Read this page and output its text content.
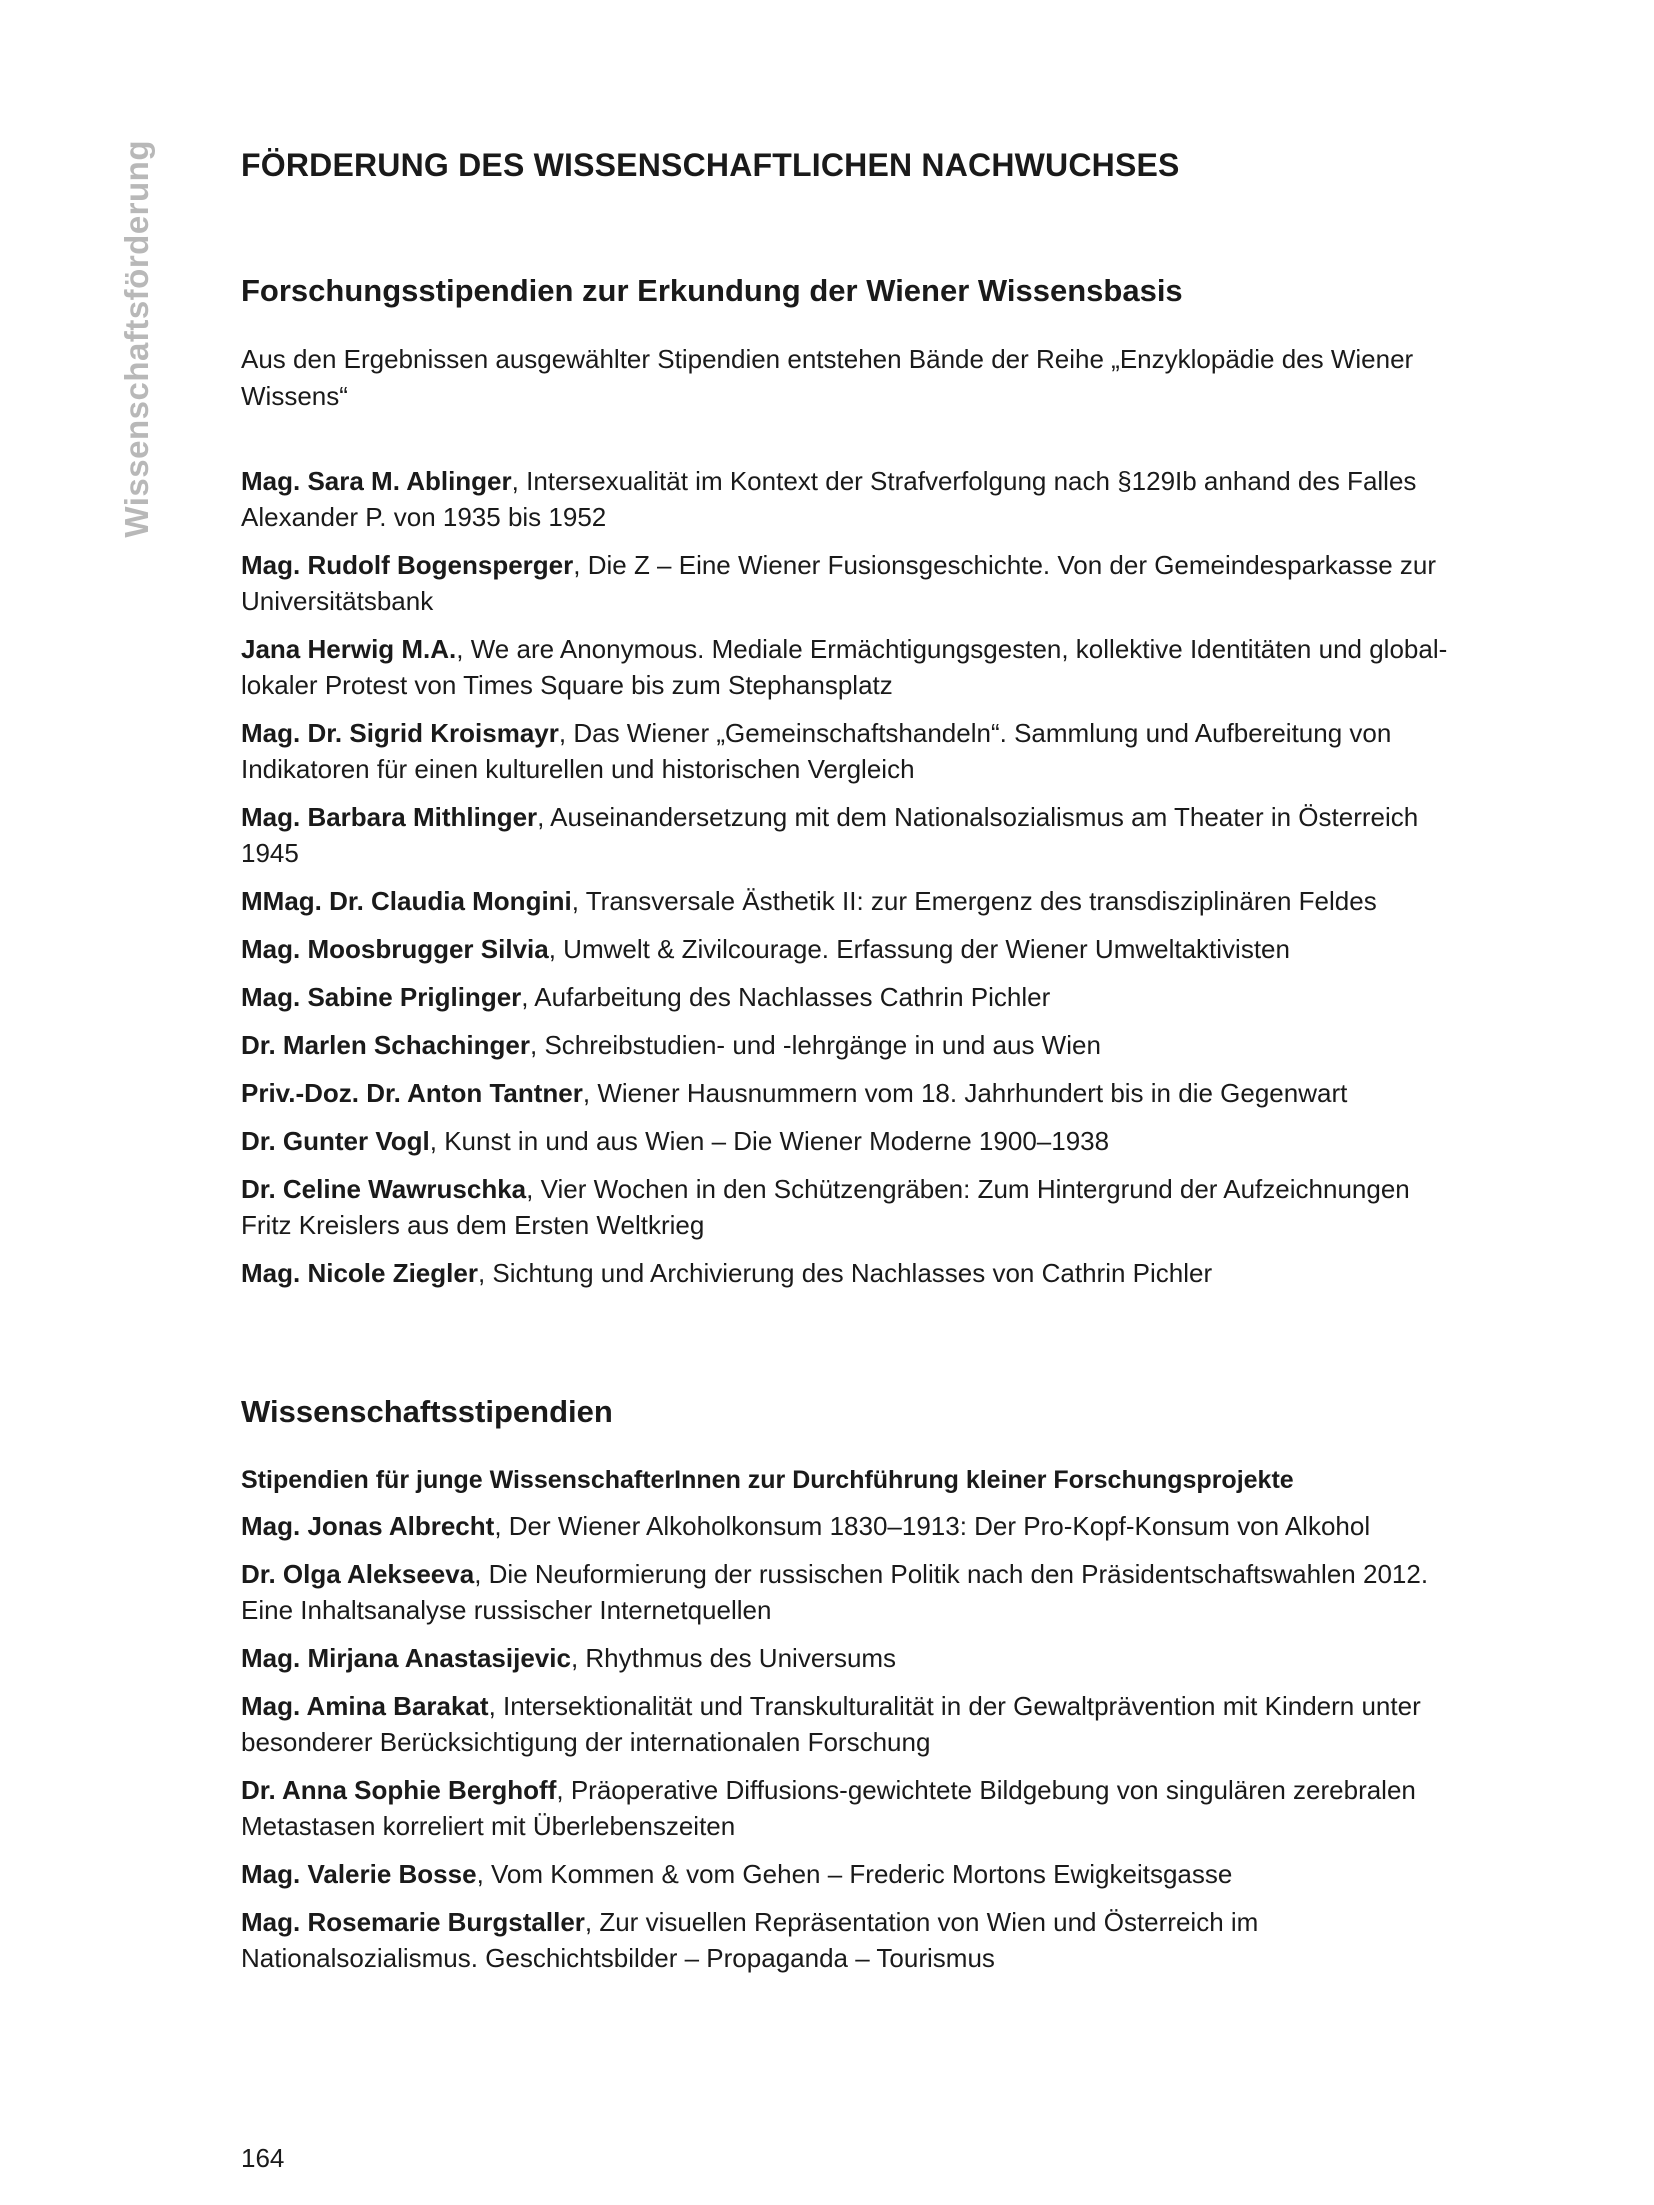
Wissenschaftsförderung	FÖRDERUNG DES WISSENSCHAFTLICHEN NACHWUCHSES
Forschungsstipendien zur Erkundung der Wiener Wissensbasis

Aus den Ergebnissen ausgewählter Stipendien entstehen Bände der Reihe „Enzyklopädie des Wiener Wissens“

Mag. Sara M. Ablinger, Intersexualität im Kontext der Strafverfolgung nach §129Ib anhand des Falles Alexander P. von 1935 bis 1952
Mag. Rudolf Bogensperger, Die Z – Eine Wiener Fusionsgeschichte. Von der Gemeindesparkasse zur Universitätsbank
Jana Herwig M.A., We are Anonymous. Mediale Ermächtigungsgesten, kollektive Identitäten und global-lokaler Protest von Times Square bis zum Stephansplatz
Mag. Dr. Sigrid Kroismayr, Das Wiener „Gemeinschaftshandeln“. Sammlung und Aufbereitung von Indikatoren für einen kulturellen und historischen Vergleich
Mag. Barbara Mithlinger, Auseinandersetzung mit dem Nationalsozialismus am Theater in Österreich 1945
MMag. Dr. Claudia Mongini, Transversale Ästhetik II: zur Emergenz des transdisziplinären Feldes
Mag. Moosbrugger Silvia, Umwelt & Zivilcourage. Erfassung der Wiener Umweltaktivisten
Mag. Sabine Priglinger, Aufarbeitung des Nachlasses Cathrin Pichler
Dr. Marlen Schachinger, Schreibstudien- und -lehrgänge in und aus Wien
Priv.-Doz. Dr. Anton Tantner, Wiener Hausnummern vom 18. Jahrhundert bis in die Gegenwart
Dr. Gunter Vogl, Kunst in und aus Wien – Die Wiener Moderne 1900–1938
Dr. Celine Wawruschka, Vier Wochen in den Schützengräben: Zum Hintergrund der Aufzeichnungen Fritz Kreislers aus dem Ersten Weltkrieg
Mag. Nicole Ziegler, Sichtung und Archivierung des Nachlasses von Cathrin Pichler
Wissenschaftsstipendien
Stipendien für junge WissenschafterInnen zur Durchführung kleiner Forschungsprojekte
Mag. Jonas Albrecht, Der Wiener Alkoholkonsum 1830–1913: Der Pro-Kopf-Konsum von Alkohol
Dr. Olga Alekseeva, Die Neuformierung der russischen Politik nach den Präsidentschaftswahlen 2012. Eine Inhaltsanalyse russischer Internetquellen
Mag. Mirjana Anastasijevic, Rhythmus des Universums
Mag. Amina Barakat, Intersektionalität und Transkulturalität in der Gewaltprävention mit Kindern unter besonderer Berücksichtigung der internationalen Forschung
Dr. Anna Sophie Berghoff, Präoperative Diffusions-gewichtete Bildgebung von singulären zerebralen Metastasen korreliert mit Überlebenszeiten
Mag. Valerie Bosse, Vom Kommen & vom Gehen – Frederic Mortons Ewigkeitsgasse
Mag. Rosemarie Burgstaller, Zur visuellen Repräsentation von Wien und Österreich im Nationalsozialismus. Geschichtsbilder – Propaganda – Tourismus
164
